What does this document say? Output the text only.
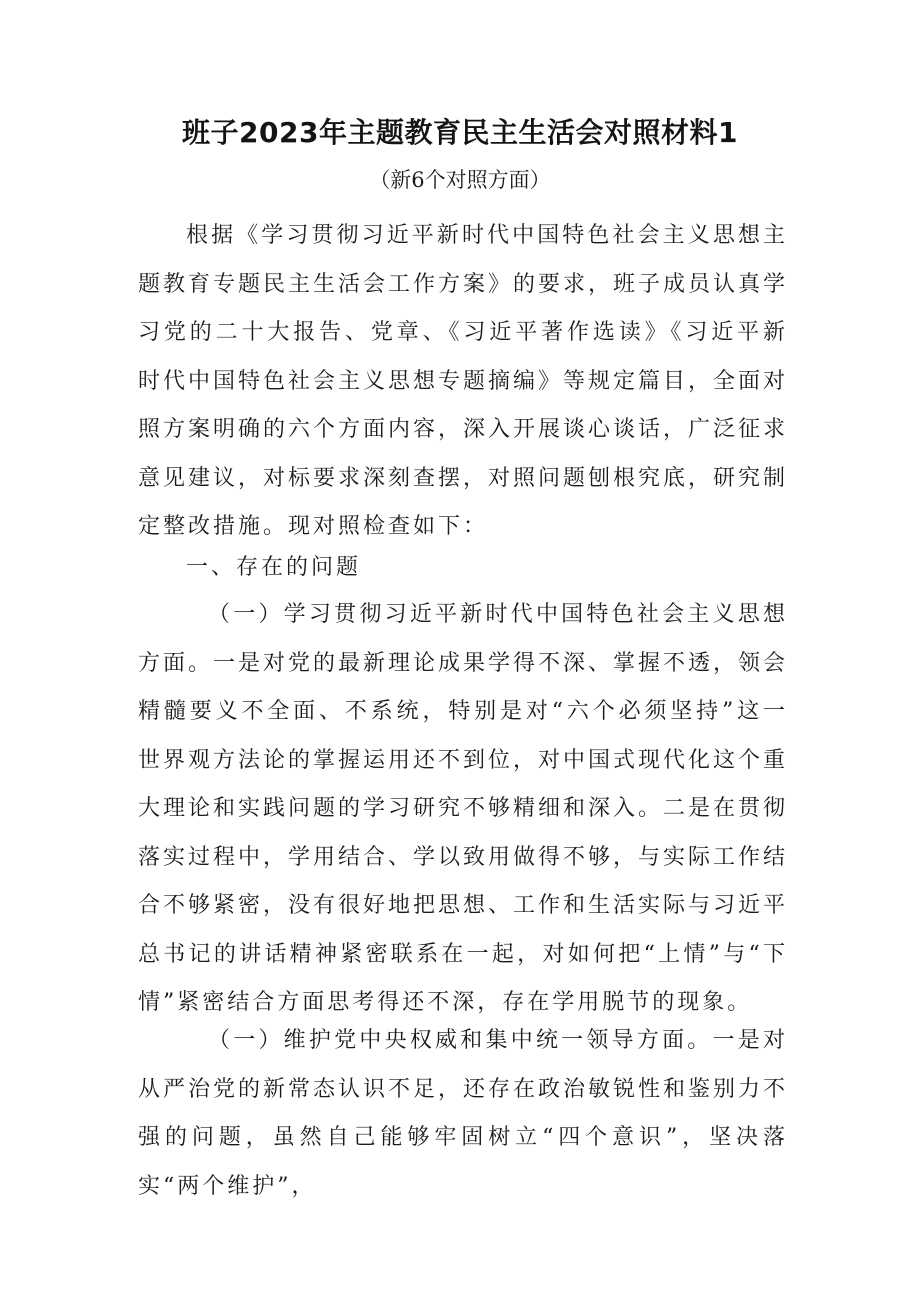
班子2023年主题教育民主生活会对照材料1
（新6个对照方面）

根据《学习贯彻习近平新时代中国特色社会主义思想主题教育专题民主生活会工作方案》的要求，班子成员认真学习党的二十大报告、党章、《习近平著作选读》《习近平新时代中国特色社会主义思想专题摘编》等规定篇目，全面对照方案明确的六个方面内容，深入开展谈心谈话，广泛征求意见建议，对标要求深刻查摆，对照问题刨根究底，研究制定整改措施。现对照检查如下：

一、存在的问题

（一）学习贯彻习近平新时代中国特色社会主义思想方面。一是对党的最新理论成果学得不深、掌握不透，领会精髓要义不全面、不系统，特别是对“六个必须坚持”这一世界观方法论的掌握运用还不到位，对中国式现代化这个重大理论和实践问题的学习研究不够精细和深入。二是在贯彻落实过程中，学用结合、学以致用做得不够，与实际工作结合不够紧密，没有很好地把思想、工作和生活实际与习近平总书记的讲话精神紧密联系在一起，对如何把“上情”与“下情”紧密结合方面思考得还不深，存在学用脱节的现象。

（一）维护党中央权威和集中统一领导方面。一是对从严治党的新常态认识不足，还存在政治敏锐性和鉴别力不强的问题，虽然自己能够牢固树立“四个意识”，坚决落实“两个维护”，
